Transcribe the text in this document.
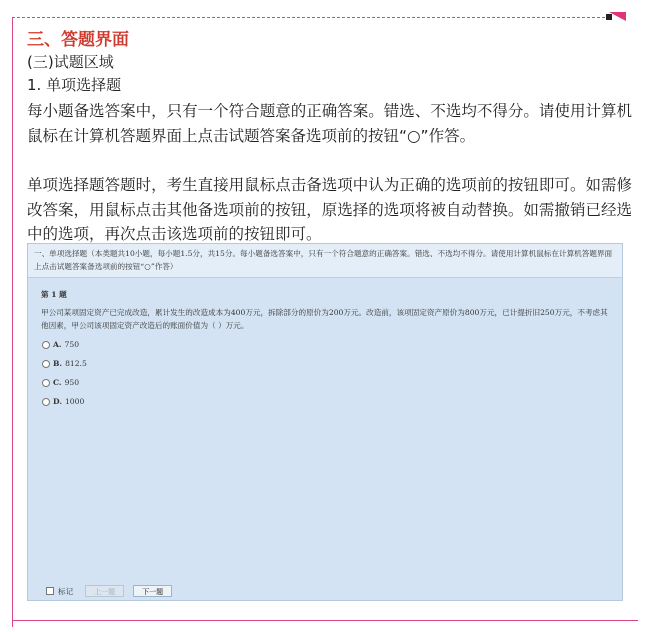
三、答题界面

(三)试题区域

1. 单项选择题

每小题备选答案中，只有一个符合题意的正确答案。错选、不选均不得分。请使用计算机鼠标在计算机答题界面上点击试题答案备选项前的按钮“○”作答。

单项选择题答题时，考生直接用鼠标点击备选项中认为正确的选项前的按钮即可。如需修改答案，用鼠标点击其他备选项前的按钮，原选择的选项将被自动替换。如需撤销已经选中的选项，再次点击该选项前的按钮即可。

一、单项选择题（本类题共10小题，每小题1.5分，共15分。每小题备选答案中，只有一个符合题意的正确答案。错选、不选均不得分。请使用计算机鼠标在计算机答题界面上点击试题答案备选项前的按钮“○”作答）

第 1 题

甲公司某项固定资产已完成改造，累计发生的改造成本为400万元，拆除部分的原价为200万元。改造前，该项固定资产原价为800万元，已计提折旧250万元，不考虑其他因素，甲公司该项固定资产改造后的账面价值为（ ）万元。

A. 750
B. 812.5
C. 950
D. 1000
标记	上一题	下一题
